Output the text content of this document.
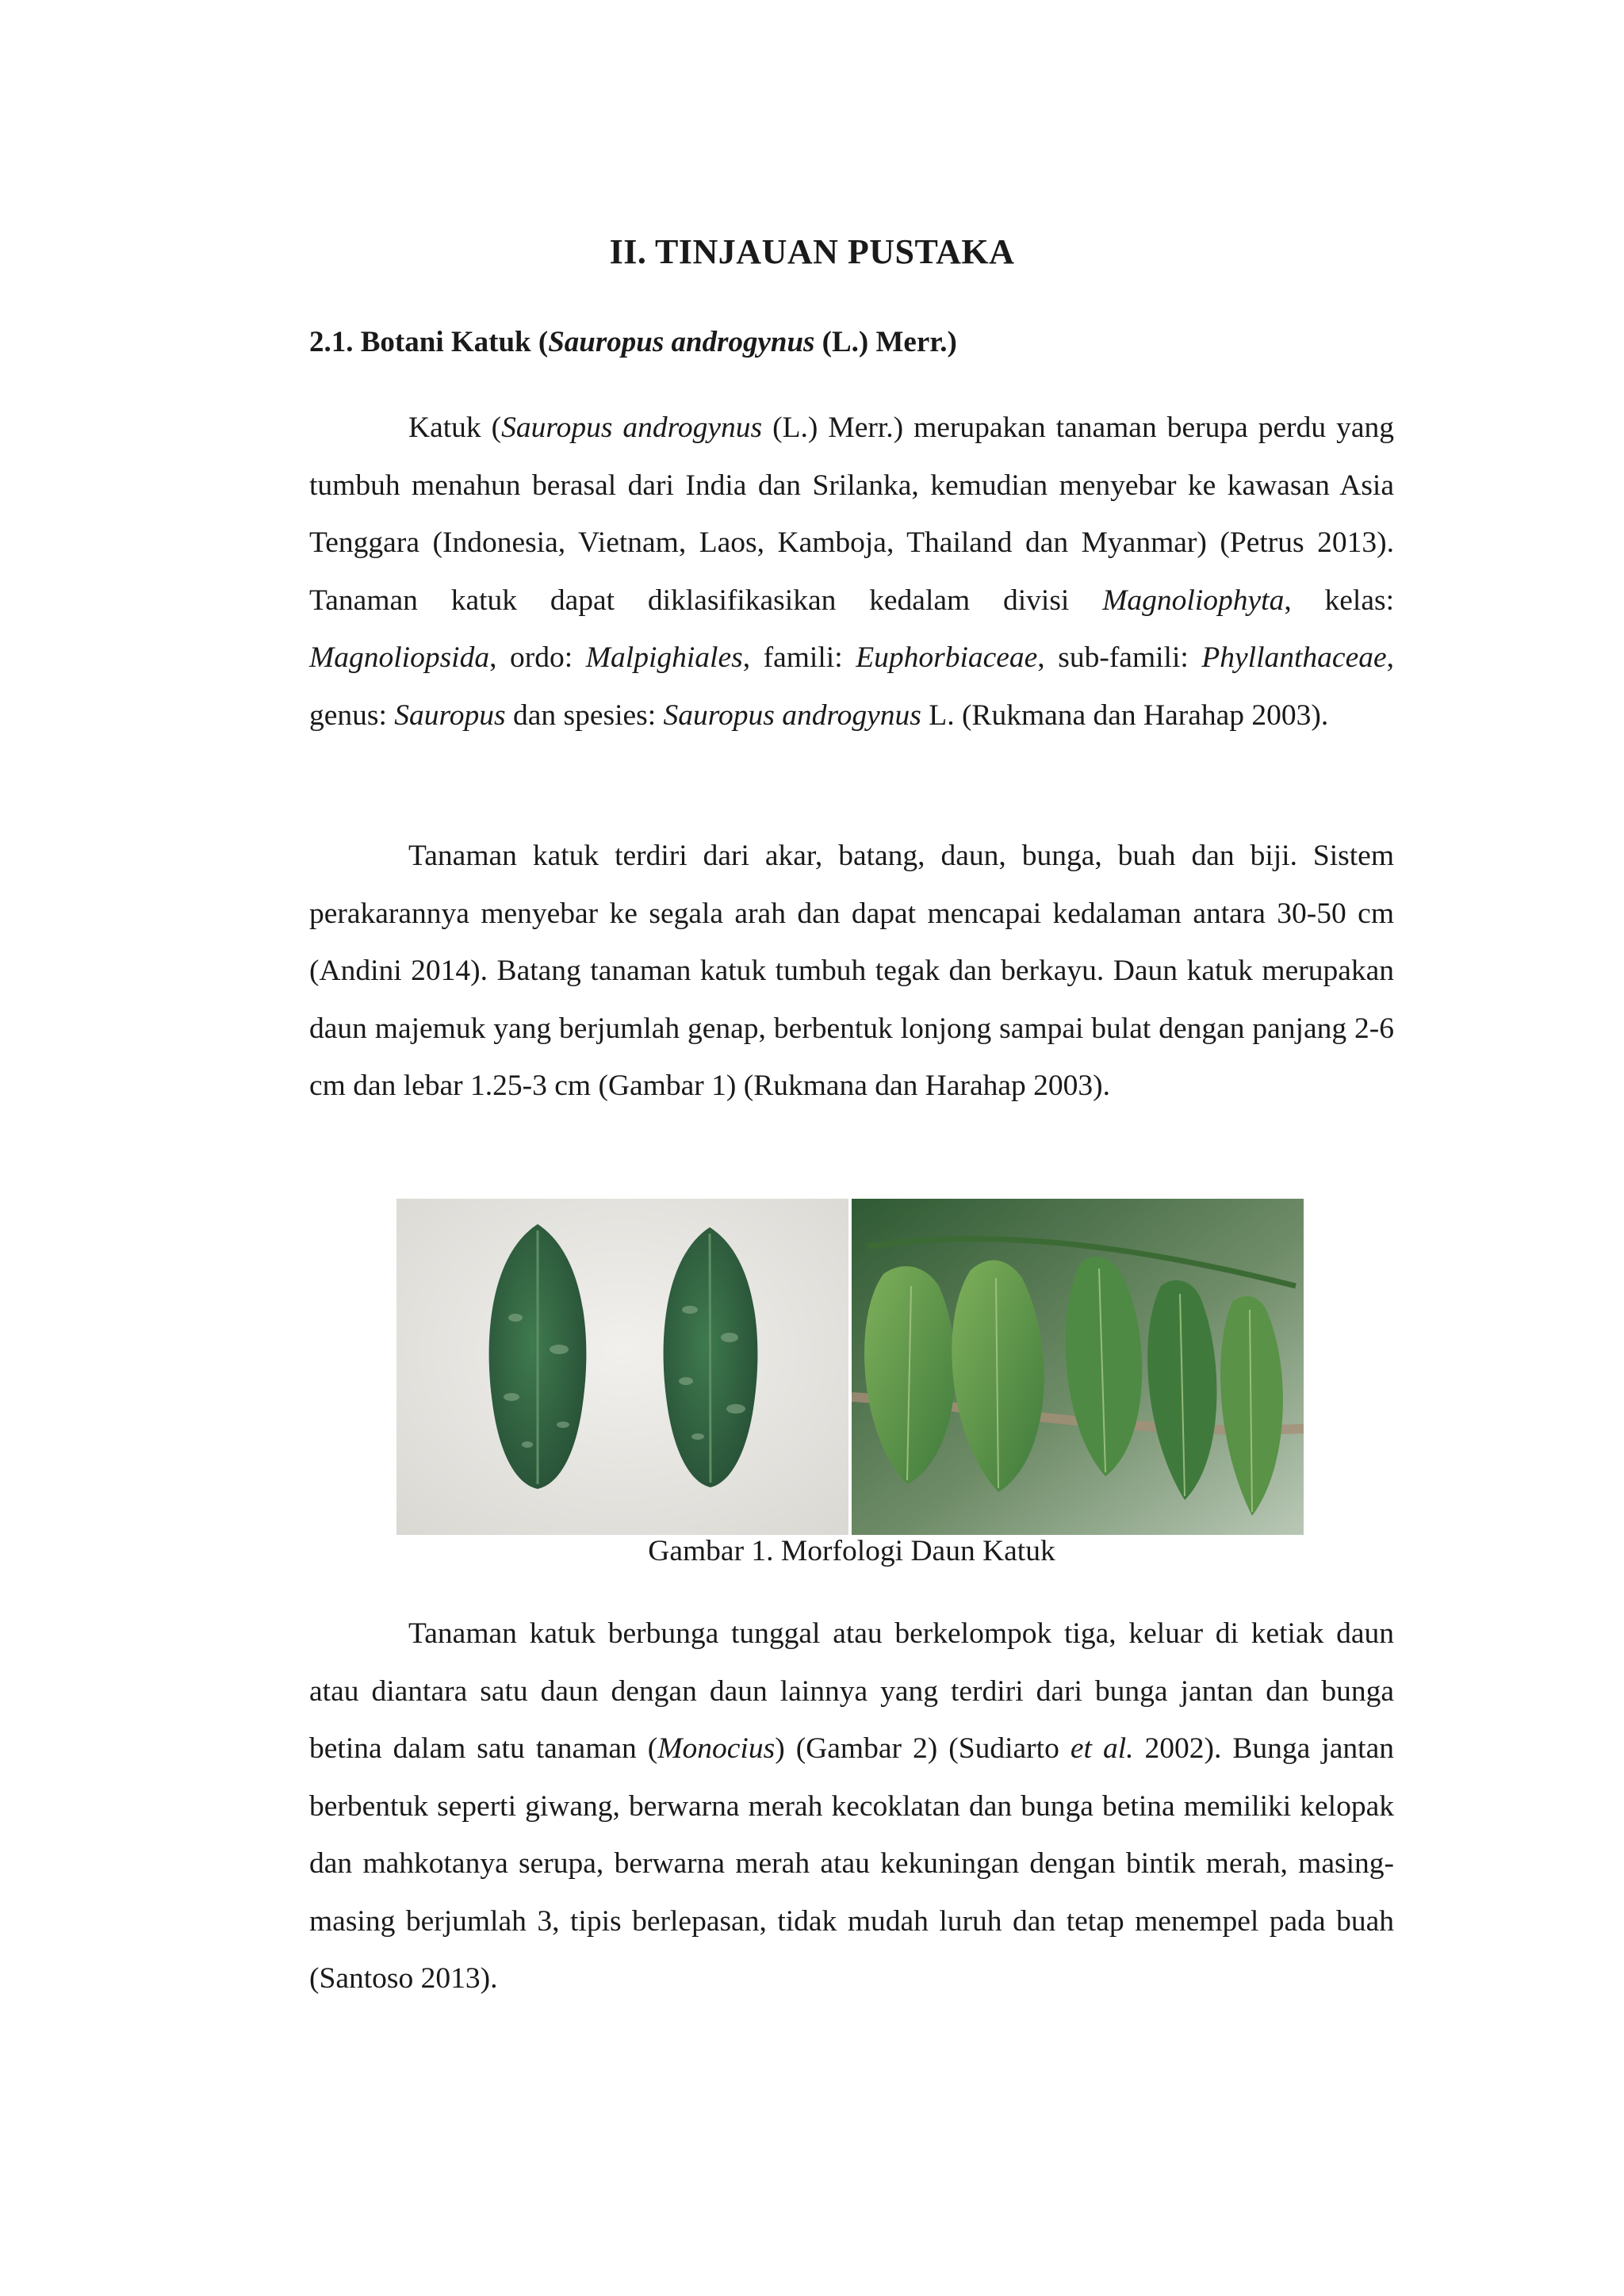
II. TINJAUAN PUSTAKA
2.1. Botani Katuk (Sauropus androgynus (L.) Merr.)

Katuk (Sauropus androgynus (L.) Merr.) merupakan tanaman berupa perdu yang tumbuh menahun berasal dari India dan Srilanka, kemudian menyebar ke kawasan Asia Tenggara (Indonesia, Vietnam, Laos, Kamboja, Thailand dan Myanmar) (Petrus 2013). Tanaman katuk dapat diklasifikasikan kedalam divisi Magnoliophyta, kelas: Magnoliopsida, ordo: Malpighiales, famili: Euphorbiaceae, sub-famili: Phyllanthaceae, genus: Sauropus dan spesies: Sauropus androgynus L. (Rukmana dan Harahap 2003).

Tanaman katuk terdiri dari akar, batang, daun, bunga, buah dan biji. Sistem perakarannya menyebar ke segala arah dan dapat mencapai kedalaman antara 30-50 cm (Andini 2014). Batang tanaman katuk tumbuh tegak dan berkayu. Daun katuk merupakan daun majemuk yang berjumlah genap, berbentuk lonjong sampai bulat dengan panjang 2-6 cm dan lebar 1.25-3 cm (Gambar 1) (Rukmana dan Harahap 2003).

Gambar 1. Morfologi Daun Katuk

Tanaman katuk berbunga tunggal atau berkelompok tiga, keluar di ketiak daun atau diantara satu daun dengan daun lainnya yang terdiri dari bunga jantan dan bunga betina dalam satu tanaman (Monocius) (Gambar 2) (Sudiarto et al. 2002). Bunga jantan berbentuk seperti giwang, berwarna merah kecoklatan dan bunga betina memiliki kelopak dan mahkotanya serupa, berwarna merah atau kekuningan dengan bintik merah, masing-masing berjumlah 3, tipis berlepasan, tidak mudah luruh dan tetap menempel pada buah (Santoso 2013).
